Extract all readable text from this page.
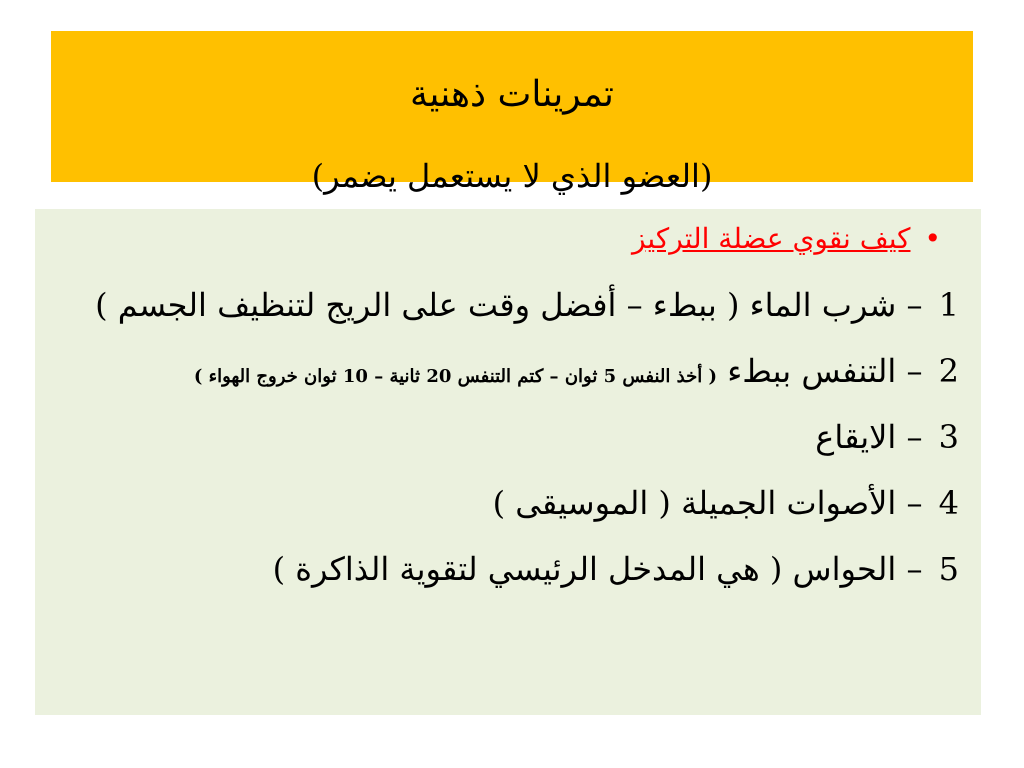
تمرينات ذهنية
(العضو الذي لا يستعمل يضمر)
•
كيف نقوي عضلة التركيز
1 – شرب الماء ( ببطء – أفضل وقت على الريج لتنظيف الجسم )
2 – التنفس ببطء ( أخذ النفس 5 ثوان – كتم التنفس 20 ثانية – 10 ثوان خروج الهواء )
3 – الايقاع
4 – الأصوات الجميلة ( الموسيقى )
5 – الحواس ( هي المدخل الرئيسي لتقوية الذاكرة )
